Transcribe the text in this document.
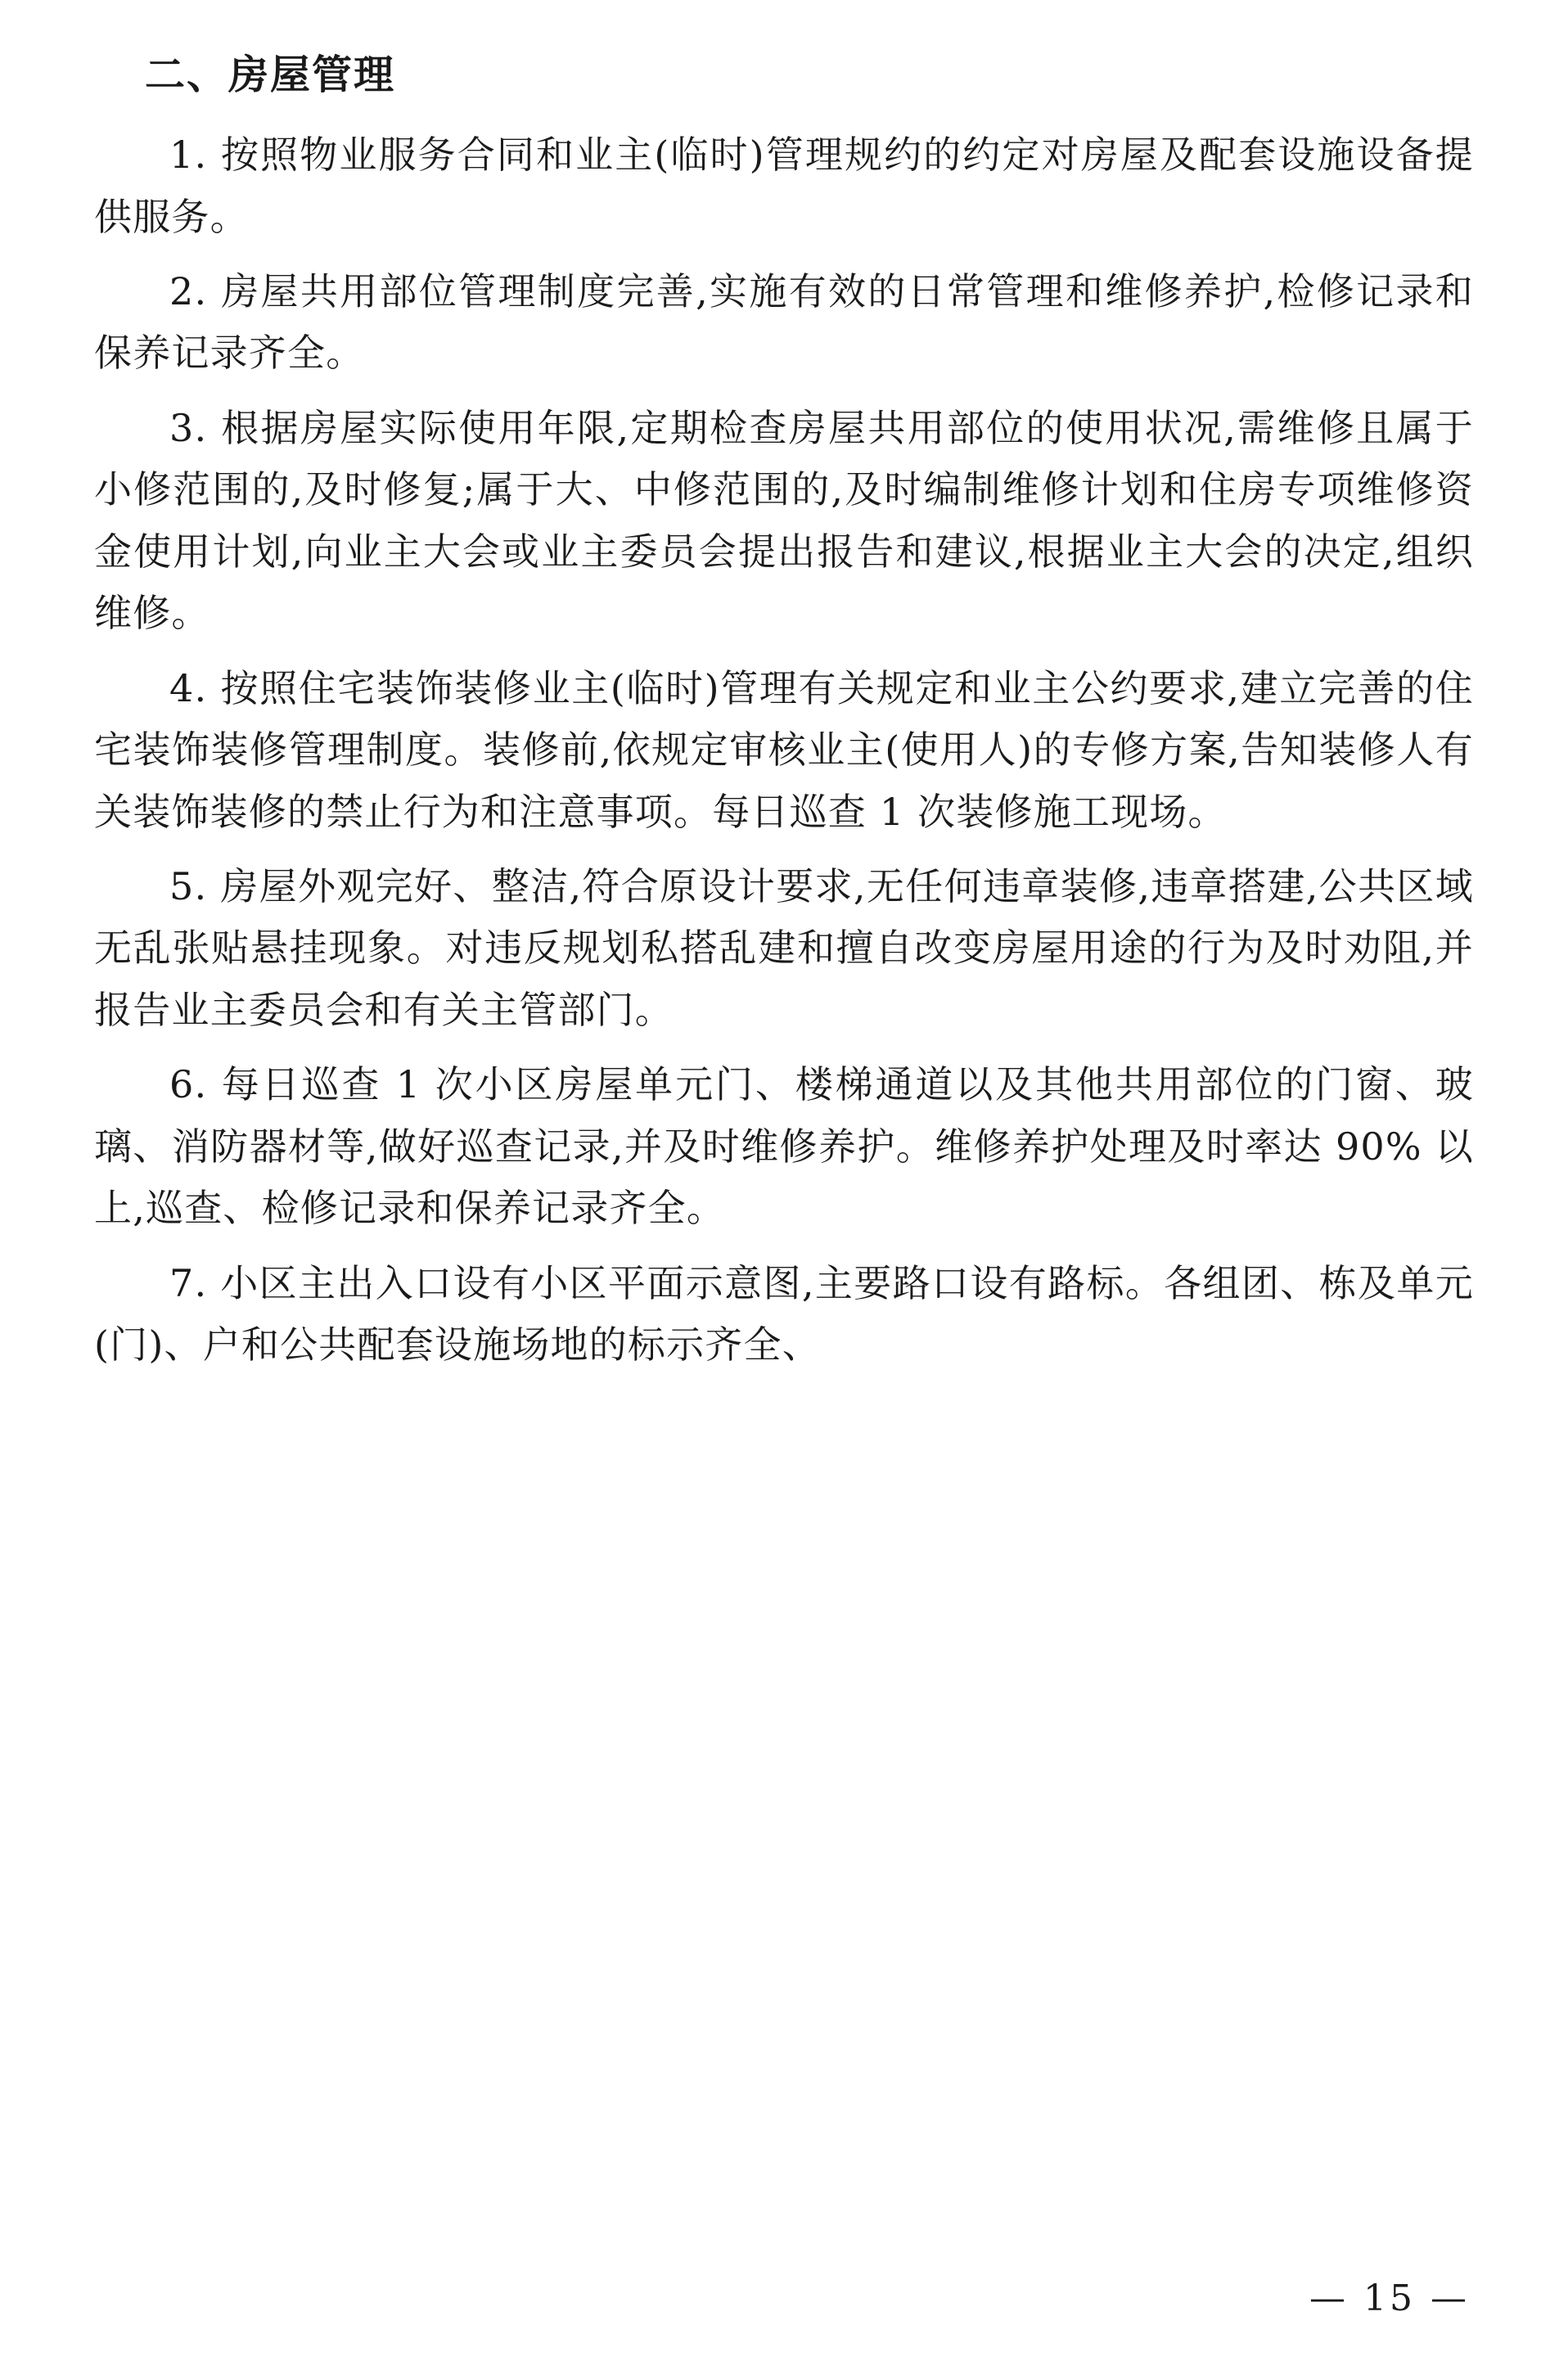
二、房屋管理

1. 按照物业服务合同和业主(临时)管理规约的约定对房屋及配套设施设备提供服务。

2. 房屋共用部位管理制度完善,实施有效的日常管理和维修养护,检修记录和保养记录齐全。

3. 根据房屋实际使用年限,定期检查房屋共用部位的使用状况,需维修且属于小修范围的,及时修复;属于大、中修范围的,及时编制维修计划和住房专项维修资金使用计划,向业主大会或业主委员会提出报告和建议,根据业主大会的决定,组织维修。

4. 按照住宅装饰装修业主(临时)管理有关规定和业主公约要求,建立完善的住宅装饰装修管理制度。装修前,依规定审核业主(使用人)的专修方案,告知装修人有关装饰装修的禁止行为和注意事项。每日巡查 1 次装修施工现场。

5. 房屋外观完好、整洁,符合原设计要求,无任何违章装修,违章搭建,公共区域无乱张贴悬挂现象。对违反规划私搭乱建和擅自改变房屋用途的行为及时劝阻,并报告业主委员会和有关主管部门。

6. 每日巡查 1 次小区房屋单元门、楼梯通道以及其他共用部位的门窗、玻璃、消防器材等,做好巡查记录,并及时维修养护。维修养护处理及时率达 90% 以上,巡查、检修记录和保养记录齐全。

7. 小区主出入口设有小区平面示意图,主要路口设有路标。各组团、栋及单元(门)、户和公共配套设施场地的标示齐全、

— 15 —
